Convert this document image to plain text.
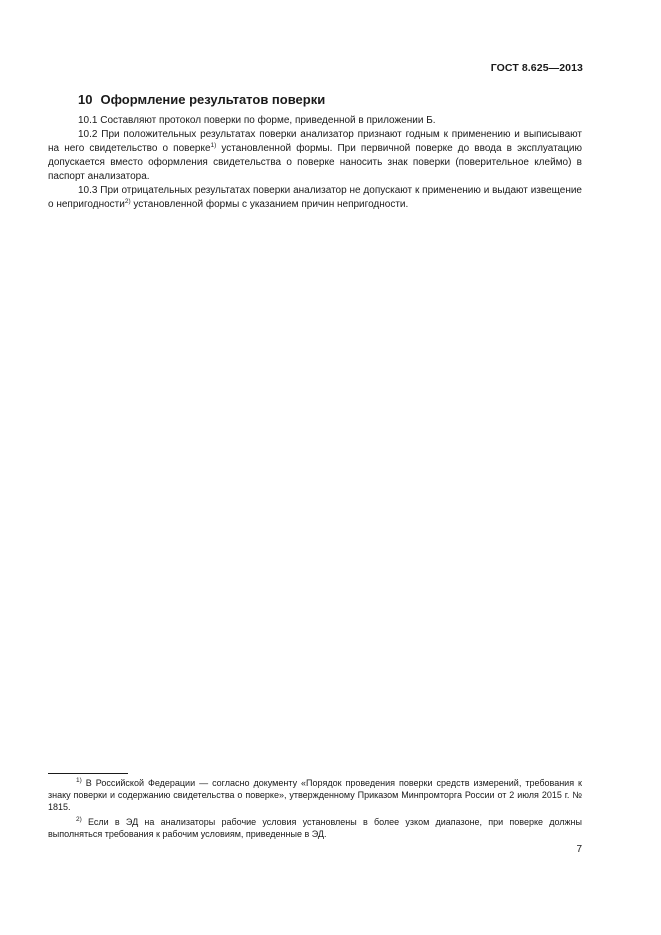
ГОСТ 8.625—2013
10 Оформление результатов поверки

10.1 Составляют протокол поверки по форме, приведенной в приложении Б.

10.2 При положительных результатах поверки анализатор признают годным к применению и выписывают на него свидетельство о поверке$^{1)}$ установленной формы. При первичной поверке до ввода в эксплуатацию допускается вместо оформления свидетельства о поверке наносить знак поверки (поверительное клеймо) в паспорт анализатора.

10.3 При отрицательных результатах поверки анализатор не допускают к применению и выдают извещение о непригодности$^{2)}$ установленной формы с указанием причин непригодности.

$^{1)}$ В Российской Федерации — согласно документу «Порядок проведения поверки средств измерений, требования к знаку поверки и содержанию свидетельства о поверке», утвержденному Приказом Минпромторга России от 2 июля 2015 г. № 1815.

$^{2)}$ Если в ЭД на анализаторы рабочие условия установлены в более узком диапазоне, при поверке должны выполняться требования к рабочим условиям, приведенные в ЭД.

7
